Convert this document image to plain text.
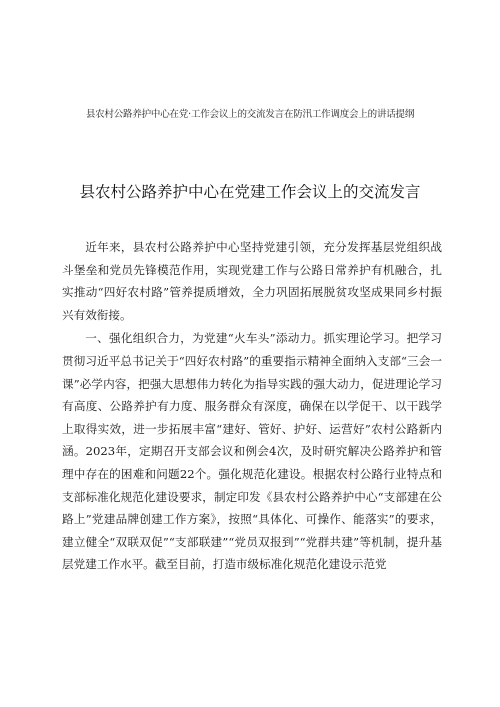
县农村公路养护中心在党·工作会议上的交流发言在防汛工作调度会上的讲话提纲
县农村公路养护中心在党建工作会议上的交流发言

近年来，县农村公路养护中心坚持党建引领，充分发挥基层党组织战斗堡垒和党员先锋模范作用，实现党建工作与公路日常养护有机融合，扎实推动“四好农村路”管养提质增效，全力巩固拓展脱贫攻坚成果同乡村振兴有效衔接。

一、强化组织合力，为党建“火车头”添动力。抓实理论学习。把学习贯彻习近平总书记关于“四好农村路”的重要指示精神全面纳入支部“三会一课”必学内容，把强大思想伟力转化为指导实践的强大动力，促进理论学习有高度、公路养护有力度、服务群众有深度，确保在以学促干、以干践学上取得实效，进一步拓展丰富“建好、管好、护好、运营好”农村公路新内涵。2023年，定期召开支部会议和例会4次，及时研究解决公路养护和管理中存在的困难和问题22个。强化规范化建设。根据农村公路行业特点和支部标准化规范化建设要求，制定印发《县农村公路养护中心“支部建在公路上”党建品牌创建工作方案》，按照“具体化、可操作、能落实”的要求，建立健全“双联双促”“支部联建”“党员双报到”“党群共建”等机制，提升基层党建工作水平。截至目前，打造市级标准化规范化建设示范党
